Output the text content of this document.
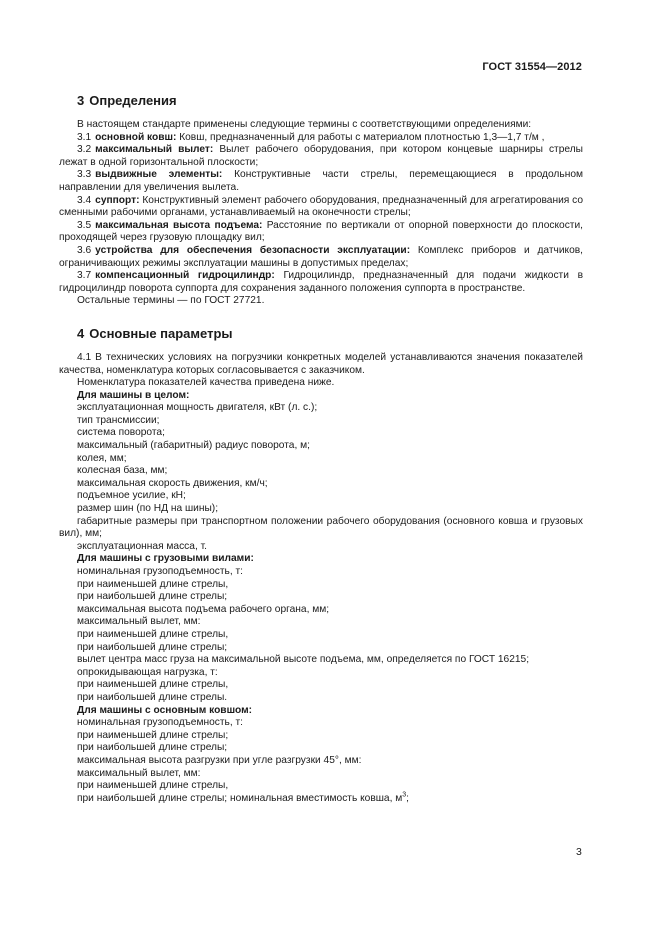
ГОСТ 31554—2012
3 Определения

В настоящем стандарте применены следующие термины с соответствующими определениями:

3.1 основной ковш: Ковш, предназначенный для работы с материалом плотностью 1,3—1,7 т/м ,

3.2 максимальный вылет: Вылет рабочего оборудования, при котором концевые шарниры стрелы лежат в одной горизонтальной плоскости;

3.3 выдвижные элементы: Конструктивные части стрелы, перемещающиеся в продольном направлении для увеличения вылета.

3.4 суппорт: Конструктивный элемент рабочего оборудования, предназначенный для агрегатирования со сменными рабочими органами, устанавливаемый на оконечности стрелы;

3.5 максимальная высота подъема: Расстояние по вертикали от опорной поверхности до плоскости, проходящей через грузовую площадку вил;

3.6 устройства для обеспечения безопасности эксплуатации: Комплекс приборов и датчиков, ограничивающих режимы эксплуатации машины в допустимых пределах;

3.7 компенсационный гидроцилиндр: Гидроцилиндр, предназначенный для подачи жидкости в гидроцилиндр поворота суппорта для сохранения заданного положения суппорта в пространстве.

Остальные термины — по ГОСТ 27721.

4 Основные параметры

4.1 В технических условиях на погрузчики конкретных моделей устанавливаются значения показателей качества, номенклатура которых согласовывается с заказчиком.

Номенклатура показателей качества приведена ниже.

Для машины в целом:

эксплуатационная мощность двигателя, кВт (л. с.);

тип трансмиссии;

система поворота;

максимальный (габаритный) радиус поворота, м;

колея, мм;

колесная база, мм;

максимальная скорость движения, км/ч;

подъемное усилие, кН;

размер шин (по НД на шины);

габаритные размеры при транспортном положении рабочего оборудования (основного ковша и грузовых вил), мм;

эксплуатационная масса, т.

Для машины с грузовыми вилами:

номинальная грузоподъемность, т:

при наименьшей длине стрелы,

при наибольшей длине стрелы;

максимальная высота подъема рабочего органа, мм;

максимальный вылет, мм:

при наименьшей длине стрелы,

при наибольшей длине стрелы;

вылет центра масс груза на максимальной высоте подъема, мм, определяется по ГОСТ 16215;

опрокидывающая нагрузка, т:

при наименьшей длине стрелы,

при наибольшей длине стрелы.

Для машины с основным ковшом:

номинальная грузоподъемность, т:

при наименьшей длине стрелы;

при наибольшей длине стрелы;

максимальная высота разгрузки при угле разгрузки 45°, мм:

максимальный вылет, мм:

при наименьшей длине стрелы,

при наибольшей длине стрелы; номинальная вместимость ковша, $м^3$;

3
